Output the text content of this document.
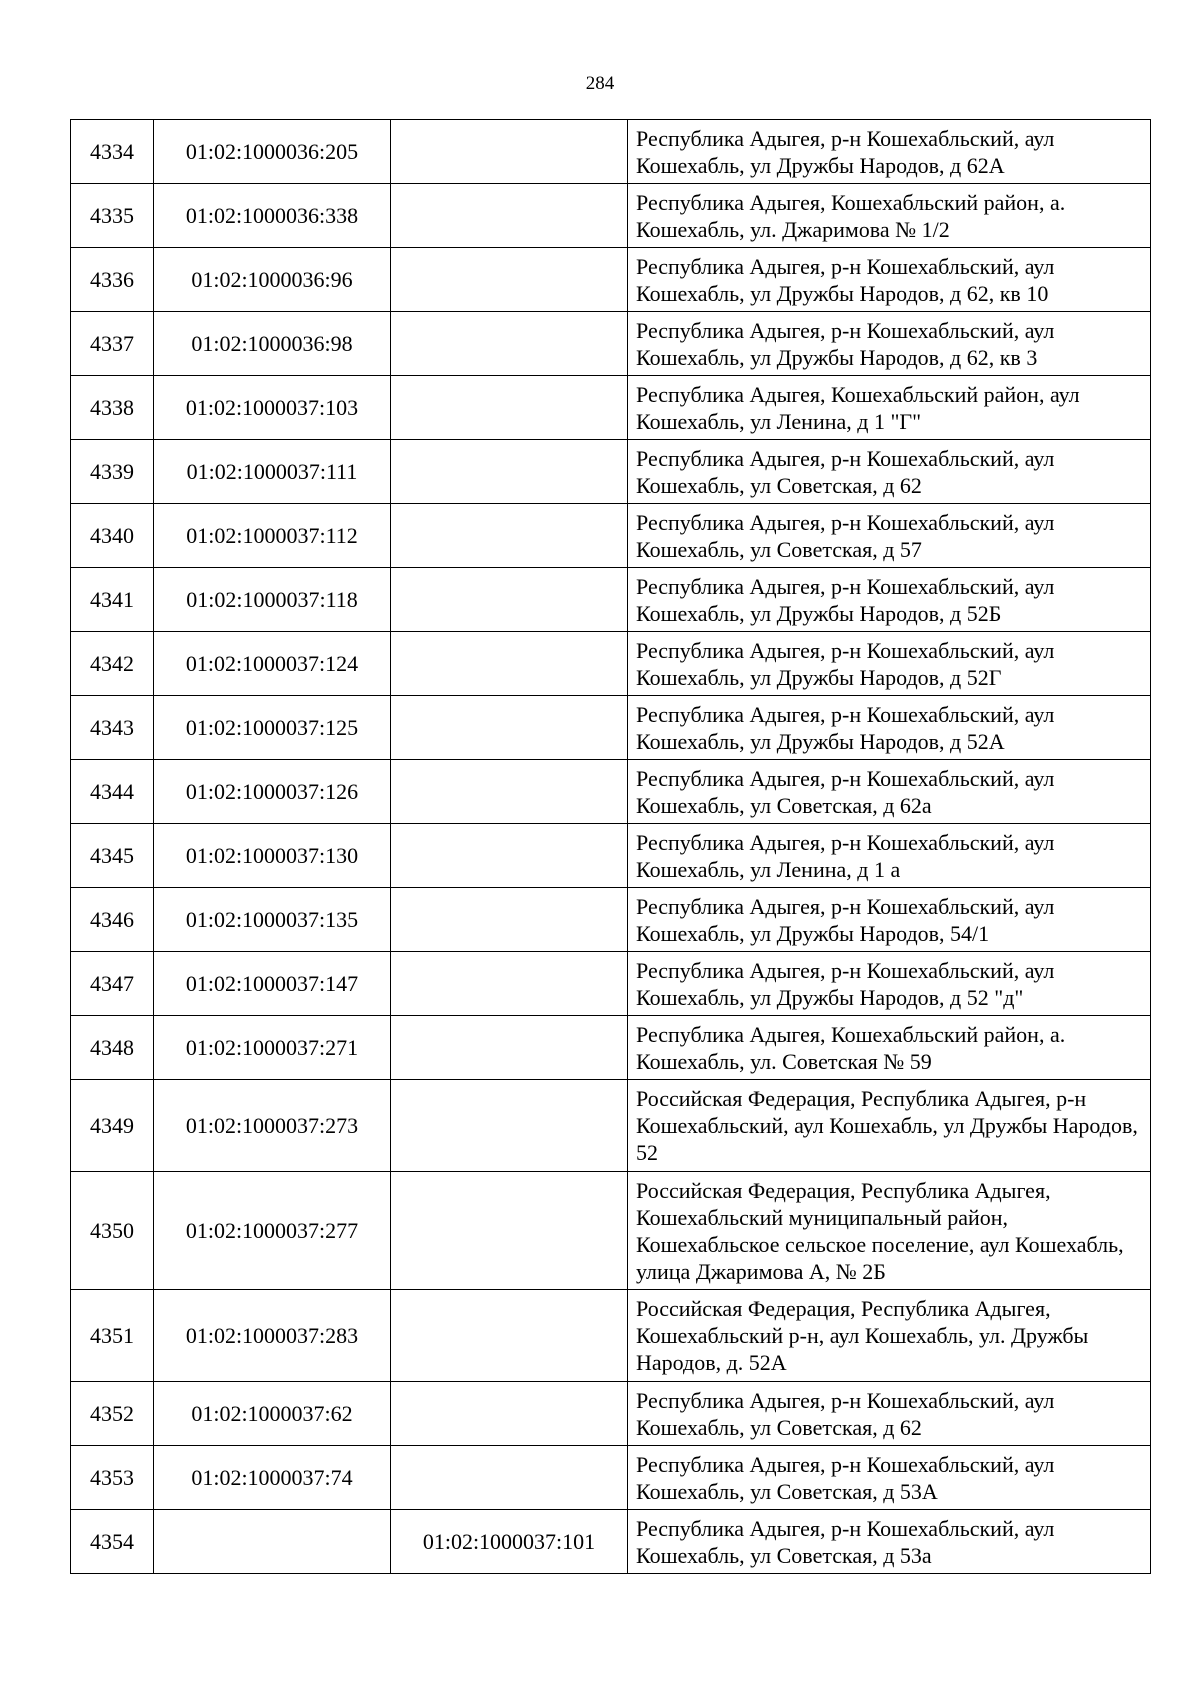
284
4334	01:02:1000036:205		Республика Адыгея, р-н Кошехабльский, аул Кошехабль, ул Дружбы Народов, д 62А
4335	01:02:1000036:338		Республика Адыгея, Кошехабльский район, а. Кошехабль, ул. Джаримова № 1/2
4336	01:02:1000036:96		Республика Адыгея, р-н Кошехабльский, аул Кошехабль, ул Дружбы Народов, д 62, кв 10
4337	01:02:1000036:98		Республика Адыгея, р-н Кошехабльский, аул Кошехабль, ул Дружбы Народов, д 62, кв 3
4338	01:02:1000037:103		Республика Адыгея, Кошехабльский район, аул Кошехабль, ул Ленина, д 1 "Г"
4339	01:02:1000037:111		Республика Адыгея, р-н Кошехабльский, аул Кошехабль, ул Советская, д 62
4340	01:02:1000037:112		Республика Адыгея, р-н Кошехабльский, аул Кошехабль, ул Советская, д 57
4341	01:02:1000037:118		Республика Адыгея, р-н Кошехабльский, аул Кошехабль, ул Дружбы Народов, д 52Б
4342	01:02:1000037:124		Республика Адыгея, р-н Кошехабльский, аул Кошехабль, ул Дружбы Народов, д 52Г
4343	01:02:1000037:125		Республика Адыгея, р-н Кошехабльский, аул Кошехабль, ул Дружбы Народов, д 52А
4344	01:02:1000037:126		Республика Адыгея, р-н Кошехабльский, аул Кошехабль, ул Советская, д 62а
4345	01:02:1000037:130		Республика Адыгея, р-н Кошехабльский, аул Кошехабль, ул Ленина, д 1 а
4346	01:02:1000037:135		Республика Адыгея, р-н Кошехабльский, аул Кошехабль, ул Дружбы Народов, 54/1
4347	01:02:1000037:147		Республика Адыгея, р-н Кошехабльский, аул Кошехабль, ул Дружбы Народов, д 52 "д"
4348	01:02:1000037:271		Республика Адыгея, Кошехабльский район, а. Кошехабль, ул. Советская № 59
4349	01:02:1000037:273		Российская Федерация, Республика Адыгея, р-н Кошехабльский, аул Кошехабль, ул Дружбы Народов, 52
4350	01:02:1000037:277		Российская Федерация, Республика Адыгея, Кошехабльский муниципальный район, Кошехабльское сельское поселение, аул Кошехабль, улица Джаримова А, № 2Б
4351	01:02:1000037:283		Российская Федерация, Республика Адыгея, Кошехабльский р-н, аул Кошехабль, ул. Дружбы Народов, д. 52А
4352	01:02:1000037:62		Республика Адыгея, р-н Кошехабльский, аул Кошехабль, ул Советская, д 62
4353	01:02:1000037:74		Республика Адыгея, р-н Кошехабльский, аул Кошехабль, ул Советская, д 53А
4354		01:02:1000037:101	Республика Адыгея, р-н Кошехабльский, аул Кошехабль, ул Советская, д 53а
